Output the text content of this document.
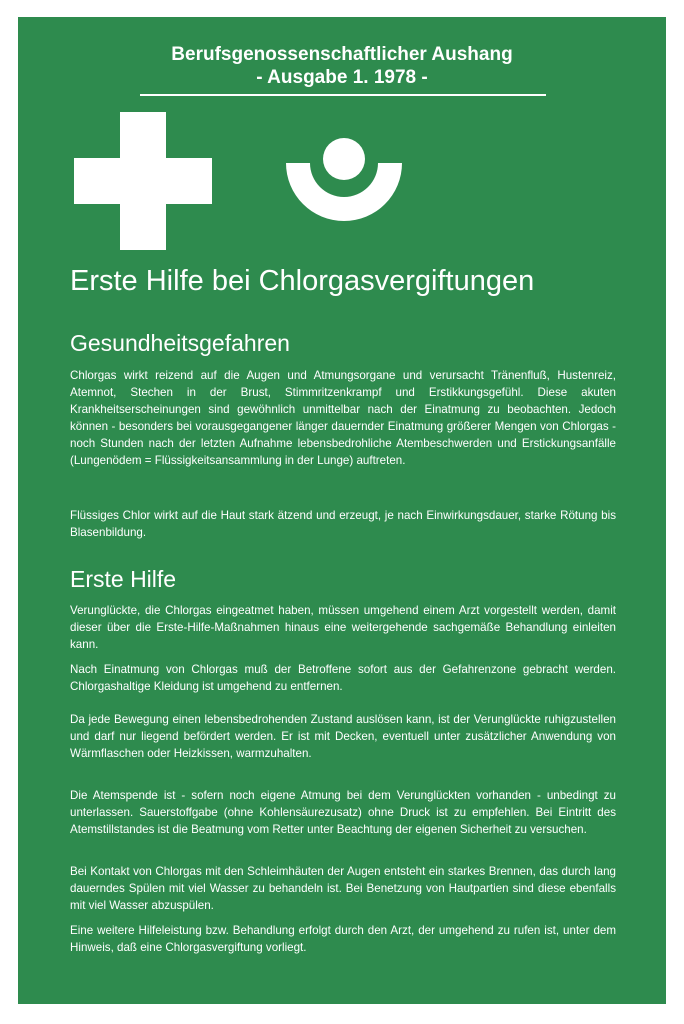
Berufsgenossenschaftlicher Aushang
- Ausgabe 1. 1978 -
Erste Hilfe bei Chlorgasvergiftungen
Gesundheitsgefahren
Chlorgas wirkt reizend auf die Augen und Atmungsorgane und verursacht Tränenfluß, Hustenreiz, Atemnot, Stechen in der Brust, Stimmritzenkrampf und Erstikkungsgefühl. Diese akuten Krankheitserscheinungen sind gewöhnlich unmittelbar nach der Einatmung zu beobachten. Jedoch können - besonders bei vorausgegangener länger dauernder Einatmung größerer Mengen von Chlorgas - noch Stunden nach der letzten Aufnahme lebensbedrohliche Atembeschwerden und Erstickungsanfälle (Lungenödem = Flüssigkeitsansammlung in der Lunge) auftreten.
Flüssiges Chlor wirkt auf die Haut stark ätzend und erzeugt, je nach Einwirkungsdauer, starke Rötung bis Blasenbildung.
Erste Hilfe
Verunglückte, die Chlorgas eingeatmet haben, müssen umgehend einem Arzt vorgestellt werden, damit dieser über die Erste-Hilfe-Maßnahmen hinaus eine weitergehende sachgemäße Behandlung einleiten kann.
Nach Einatmung von Chlorgas muß der Betroffene sofort aus der Gefahrenzone gebracht werden. Chlorgashaltige Kleidung ist umgehend zu entfernen.
Da jede Bewegung einen lebensbedrohenden Zustand auslösen kann, ist der Verunglückte ruhigzustellen und darf nur liegend befördert werden. Er ist mit Decken, eventuell unter zusätzlicher Anwendung von Wärmflaschen oder Heizkissen, warmzuhalten.
Die Atemspende ist - sofern noch eigene Atmung bei dem Verunglückten vorhanden - unbedingt zu unterlassen. Sauerstoffgabe (ohne Kohlensäurezusatz) ohne Druck ist zu empfehlen. Bei Eintritt des Atemstillstandes ist die Beatmung vom Retter unter Beachtung der eigenen Sicherheit zu versuchen.
Bei Kontakt von Chlorgas mit den Schleimhäuten der Augen entsteht ein starkes Brennen, das durch lang dauerndes Spülen mit viel Wasser zu behandeln ist. Bei Benetzung von Hautpartien sind diese ebenfalls mit viel Wasser abzuspülen.
Eine weitere Hilfeleistung bzw. Behandlung erfolgt durch den Arzt, der umgehend zu rufen ist, unter dem Hinweis, daß eine Chlorgasvergiftung vorliegt.
